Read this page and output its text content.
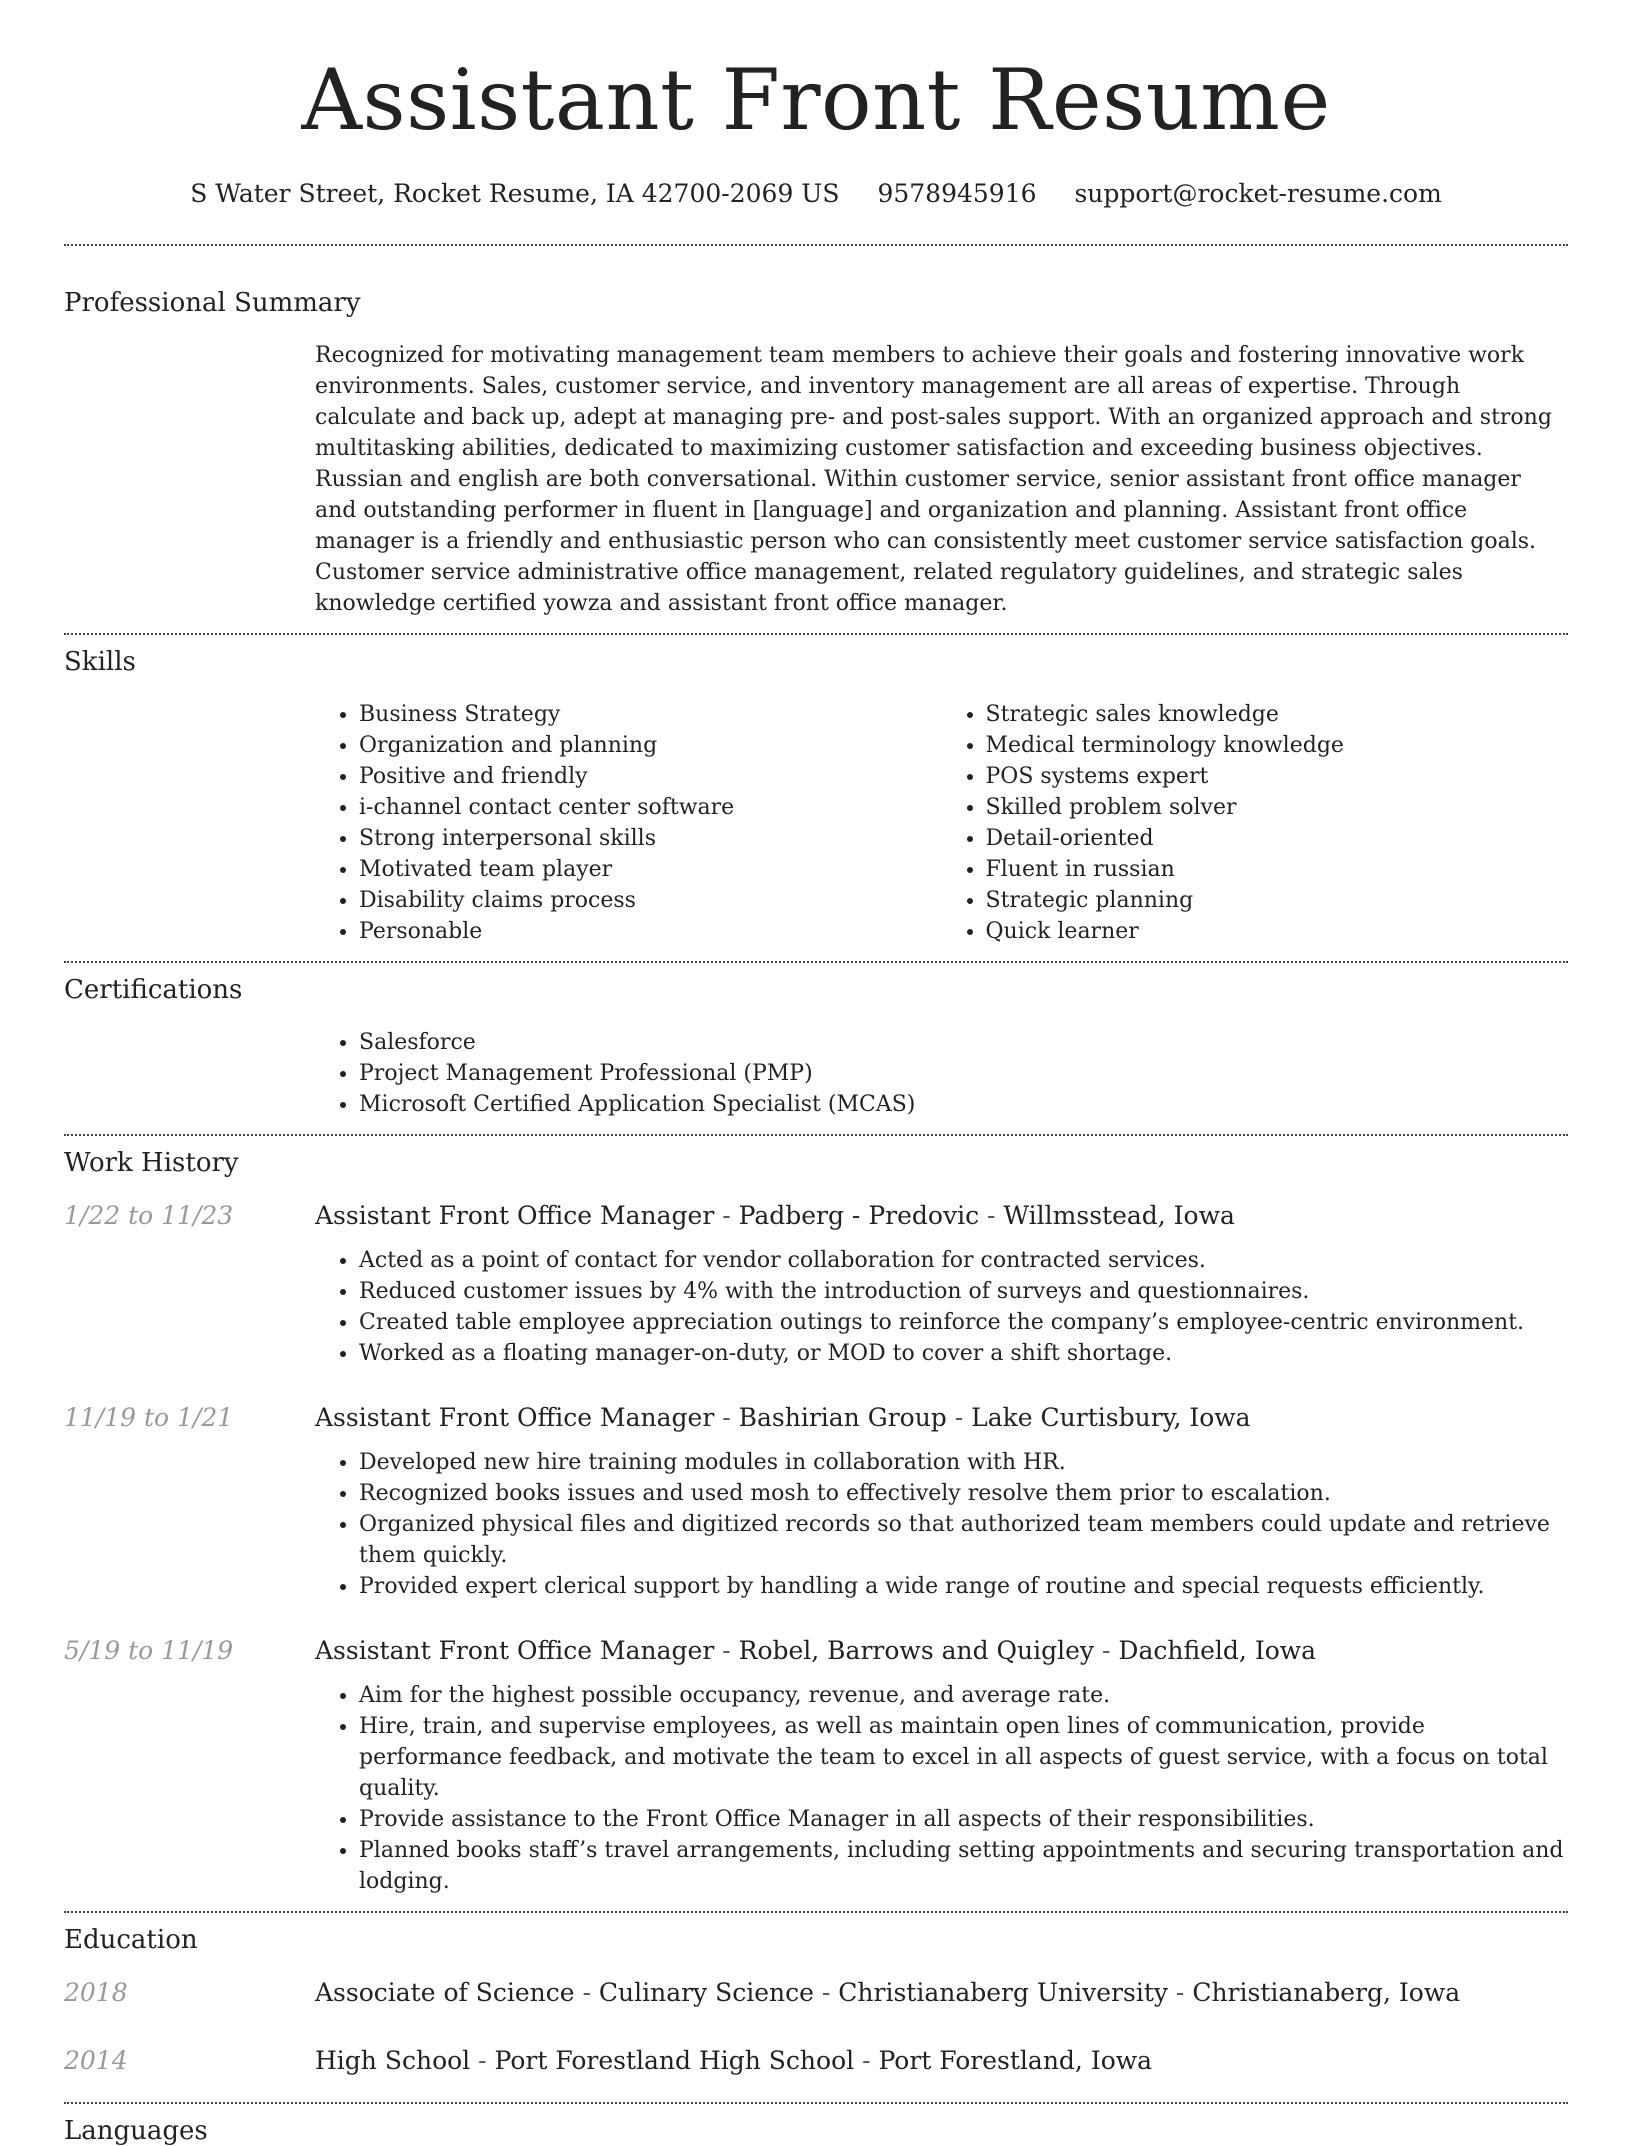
Assistant Front Resume
S Water Street, Rocket Resume, IA 42700-2069 US 9578945916 support@rocket-resume.com
Professional Summary

Recognized for motivating management team members to achieve their goals and fostering innovative work environments. Sales, customer service, and inventory management are all areas of expertise. Through calculate and back up, adept at managing pre- and post-sales support. With an organized approach and strong multitasking abilities, dedicated to maximizing customer satisfaction and exceeding business objectives. Russian and english are both conversational. Within customer service, senior assistant front office manager and outstanding performer in fluent in [language] and organization and planning. Assistant front office manager is a friendly and enthusiastic person who can consistently meet customer service satisfaction goals. Customer service administrative office management, related regulatory guidelines, and strategic sales knowledge certified yowza and assistant front office manager.

Skills
• Business Strategy
• Organization and planning
• Positive and friendly
• i-channel contact center software
• Strong interpersonal skills
• Motivated team player
• Disability claims process
• Personable
• Strategic sales knowledge
• Medical terminology knowledge
• POS systems expert
• Skilled problem solver
• Detail-oriented
• Fluent in russian
• Strategic planning
• Quick learner
Certifications
• Salesforce
• Project Management Professional (PMP)
• Microsoft Certified Application Specialist (MCAS)
Work History
1/22 to 11/23	Assistant Front Office Manager - Padberg - Predovic - Willmsstead, Iowa
• Acted as a point of contact for vendor collaboration for contracted services.
• Reduced customer issues by 4% with the introduction of surveys and questionnaires.
• Created table employee appreciation outings to reinforce the company’s employee-centric environment.
• Worked as a floating manager-on-duty, or MOD to cover a shift shortage.
11/19 to 1/21	Assistant Front Office Manager - Bashirian Group - Lake Curtisbury, Iowa
• Developed new hire training modules in collaboration with HR.
• Recognized books issues and used mosh to effectively resolve them prior to escalation.
• Organized physical files and digitized records so that authorized team members could update and retrieve them quickly.
• Provided expert clerical support by handling a wide range of routine and special requests efficiently.
5/19 to 11/19	Assistant Front Office Manager - Robel, Barrows and Quigley - Dachfield, Iowa
• Aim for the highest possible occupancy, revenue, and average rate.
• Hire, train, and supervise employees, as well as maintain open lines of communication, provide performance feedback, and motivate the team to excel in all aspects of guest service, with a focus on total quality.
• Provide assistance to the Front Office Manager in all aspects of their responsibilities.
• Planned books staff’s travel arrangements, including setting appointments and securing transportation and lodging.
Education
2018	Associate of Science - Culinary Science - Christianaberg University - Christianaberg, Iowa
2014	High School - Port Forestland High School - Port Forestland, Iowa
Languages
